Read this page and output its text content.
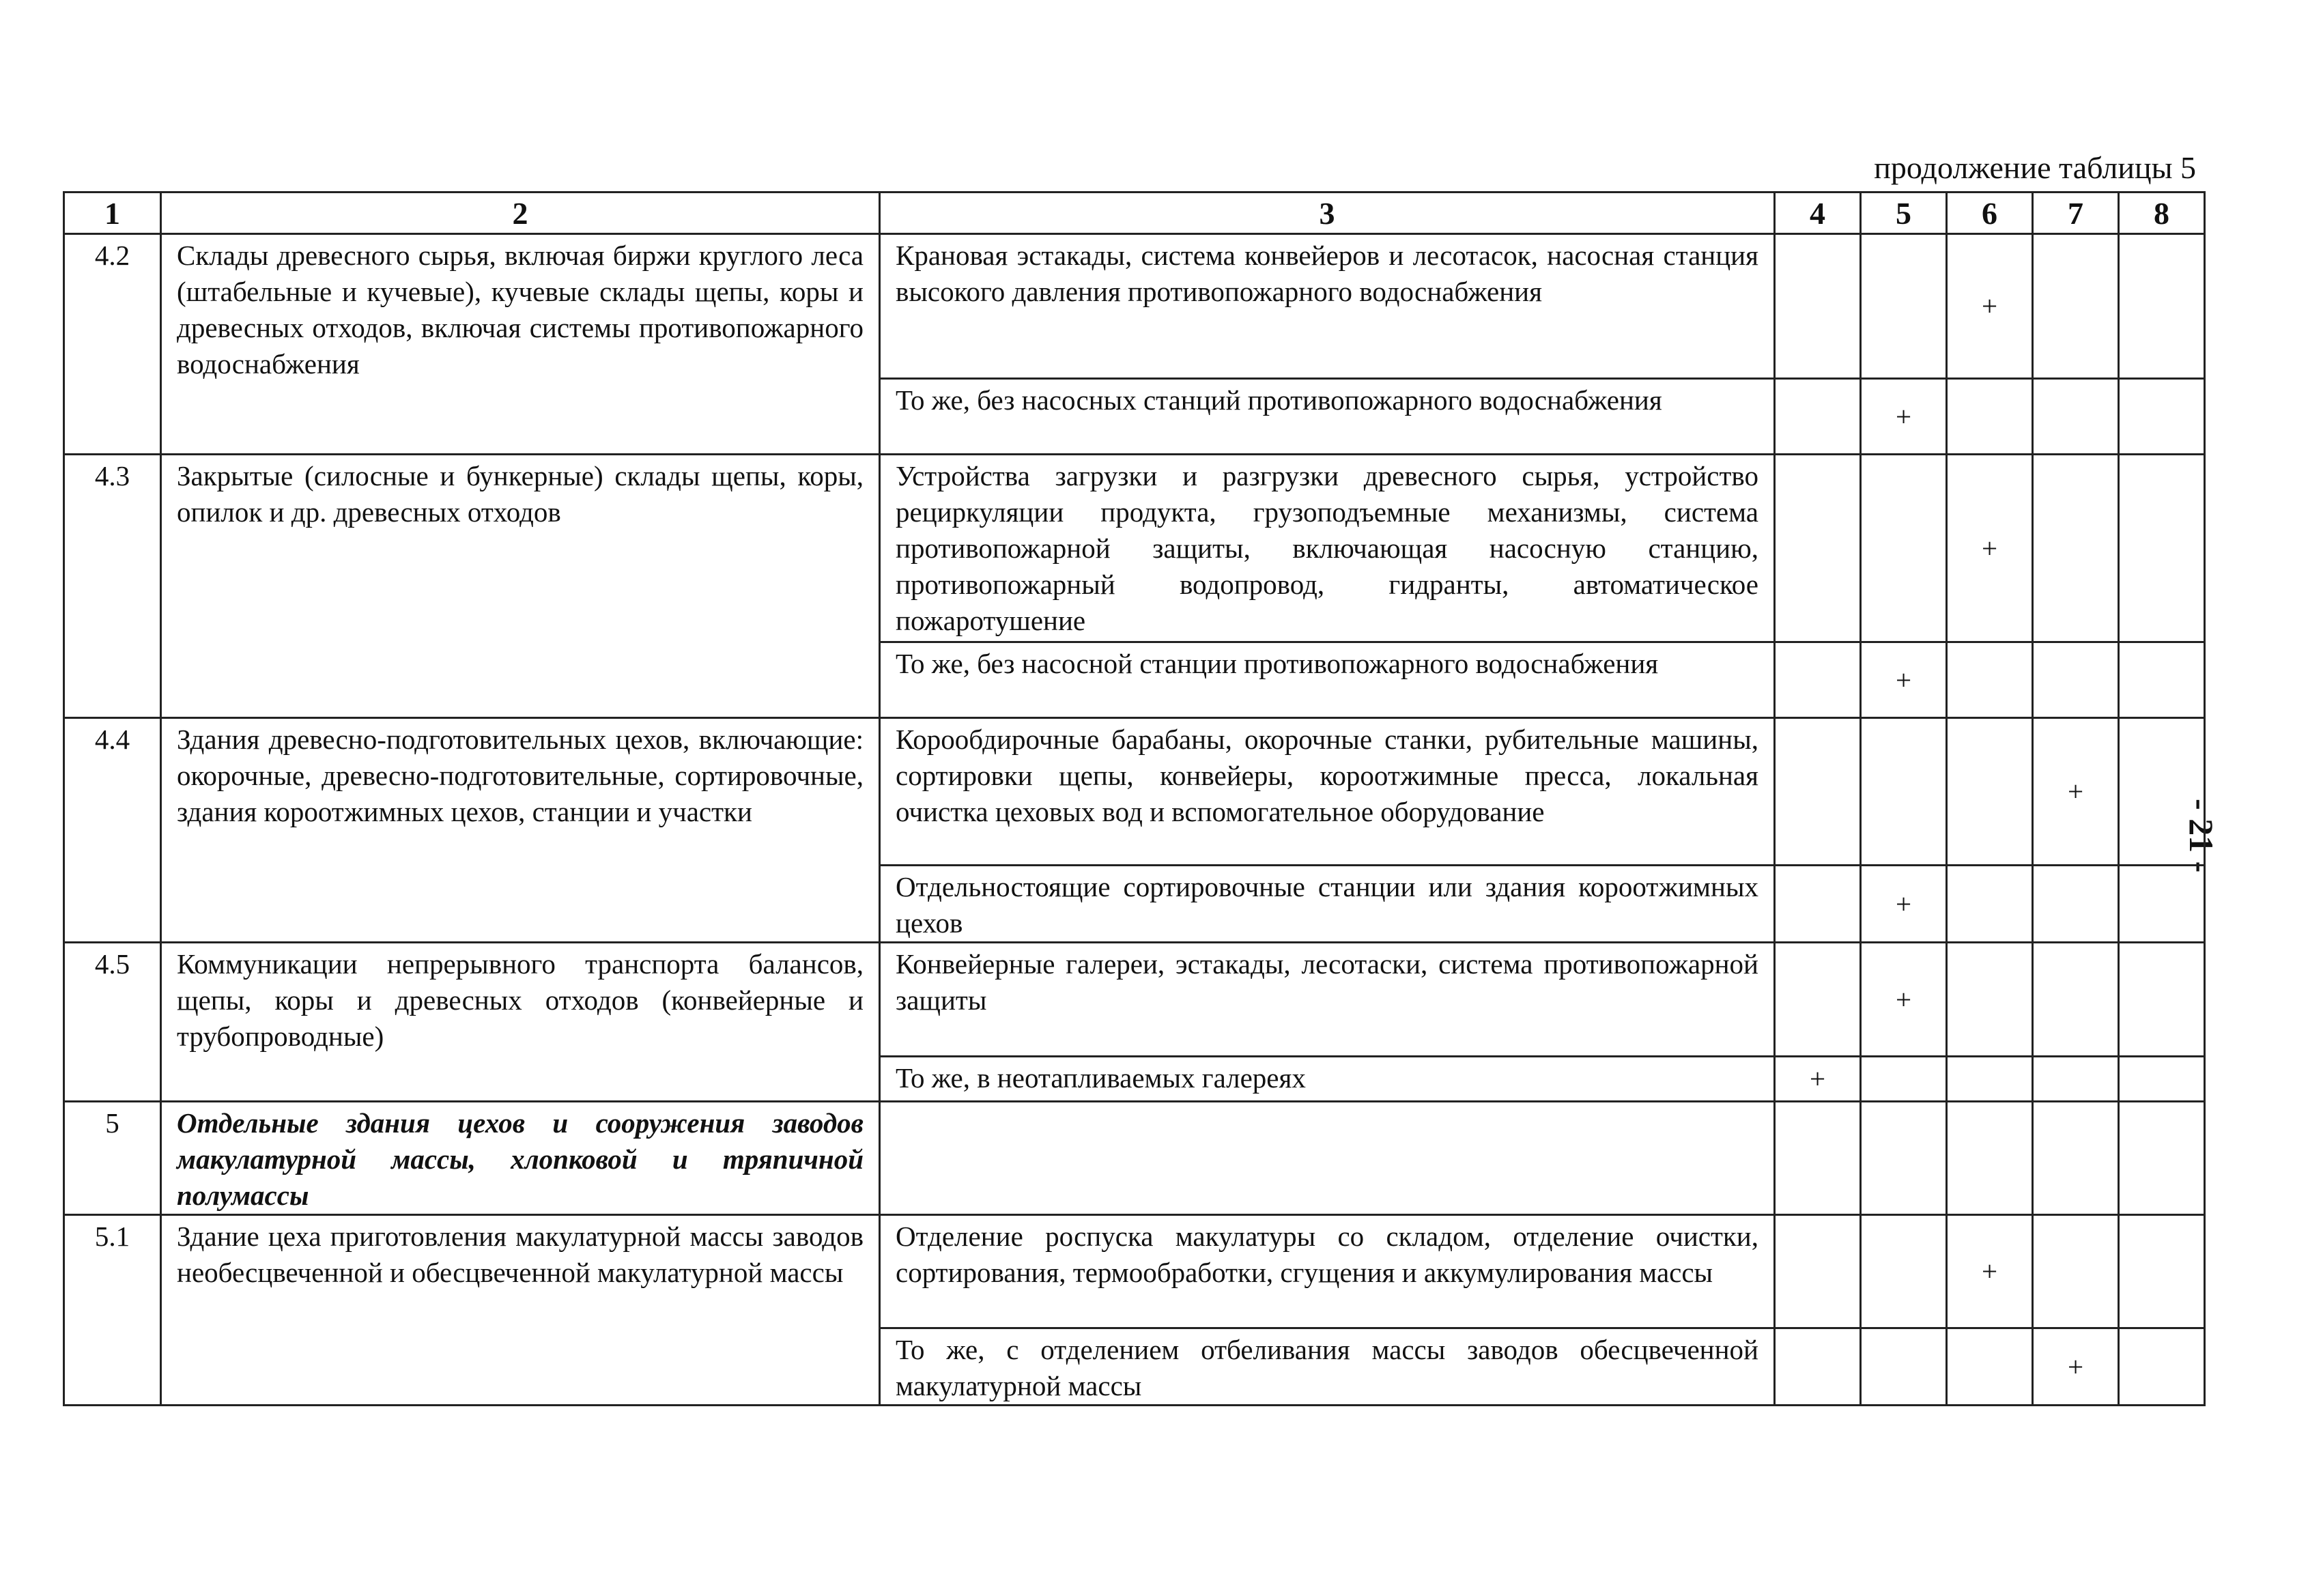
продолжение таблицы 5
- 21 -
1	2	3	4	5	6	7	8
4.2	Склады древесного сырья, включая биржи круглого леса (штабельные и кучевые), кучевые склады щепы, коры и древесных отходов, включая системы противопожарного водоснабжения	Крановая эстакады, система конвейеров и лесотасок, насосная станция высокого давления противопожарного водоснабжения			+		
		То же, без насосных станций противопожарного водоснабжения		+			
4.3	Закрытые (силосные и бункерные) склады щепы, коры, опилок и др. древесных отходов	Устройства загрузки и разгрузки древесного сырья, устройство рециркуляции продукта, грузоподъемные механизмы, система противопожарной защиты, включающая насосную станцию, противопожарный водопровод, гидранты, автоматическое пожаротушение			+		
		То же, без насосной станции противопожарного водоснабжения		+			
4.4	Здания древесно-подготовительных цехов, включающие: окорочные, древесно-подготовительные, сортировочные, здания короотжимных цехов, станции и участки	Корообдирочные барабаны, окорочные станки, рубительные машины, сортировки щепы, конвейеры, короотжимные пресса, локальная очистка цеховых вод и вспомогательное оборудование				+	
		Отдельностоящие сортировочные станции или здания короотжимных цехов		+			
4.5	Коммуникации непрерывного транспорта балансов, щепы, коры и древесных отходов (конвейерные и трубопроводные)	Конвейерные галереи, эстакады, лесотаски, система противопожарной защиты		+			
		То же, в неотапливаемых галереях	+				
5	Отдельные здания цехов и сооружения заводов макулатурной массы, хлопковой и тряпичной полумассы						
5.1	Здание цеха приготовления макулатурной массы заводов необесцвеченной и обесцвеченной макулатурной массы	Отделение роспуска макулатуры со складом, отделение очистки, сортирования, термообработки, сгущения и аккумулирования массы			+		
		То же, с отделением отбеливания массы заводов обесцвеченной макулатурной массы				+	
